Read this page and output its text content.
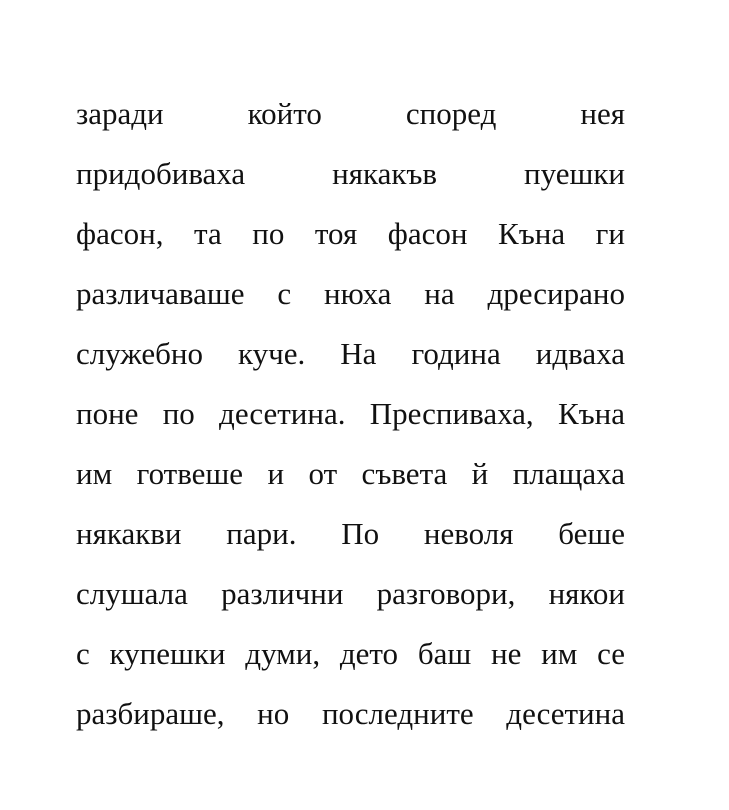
заради който според нея
придобиваха някакъв пуешки
фасон, та по тоя фасон Къна ги
различаваше с нюха на дресирано
служебно куче. На година идваха
поне по десетина. Преспиваха, Къна
им готвеше и от съвета й плащаха
някакви пари. По неволя беше
слушала различни разговори, някои
с купешки думи, дето баш не им се
разбираше, но последните десетина
